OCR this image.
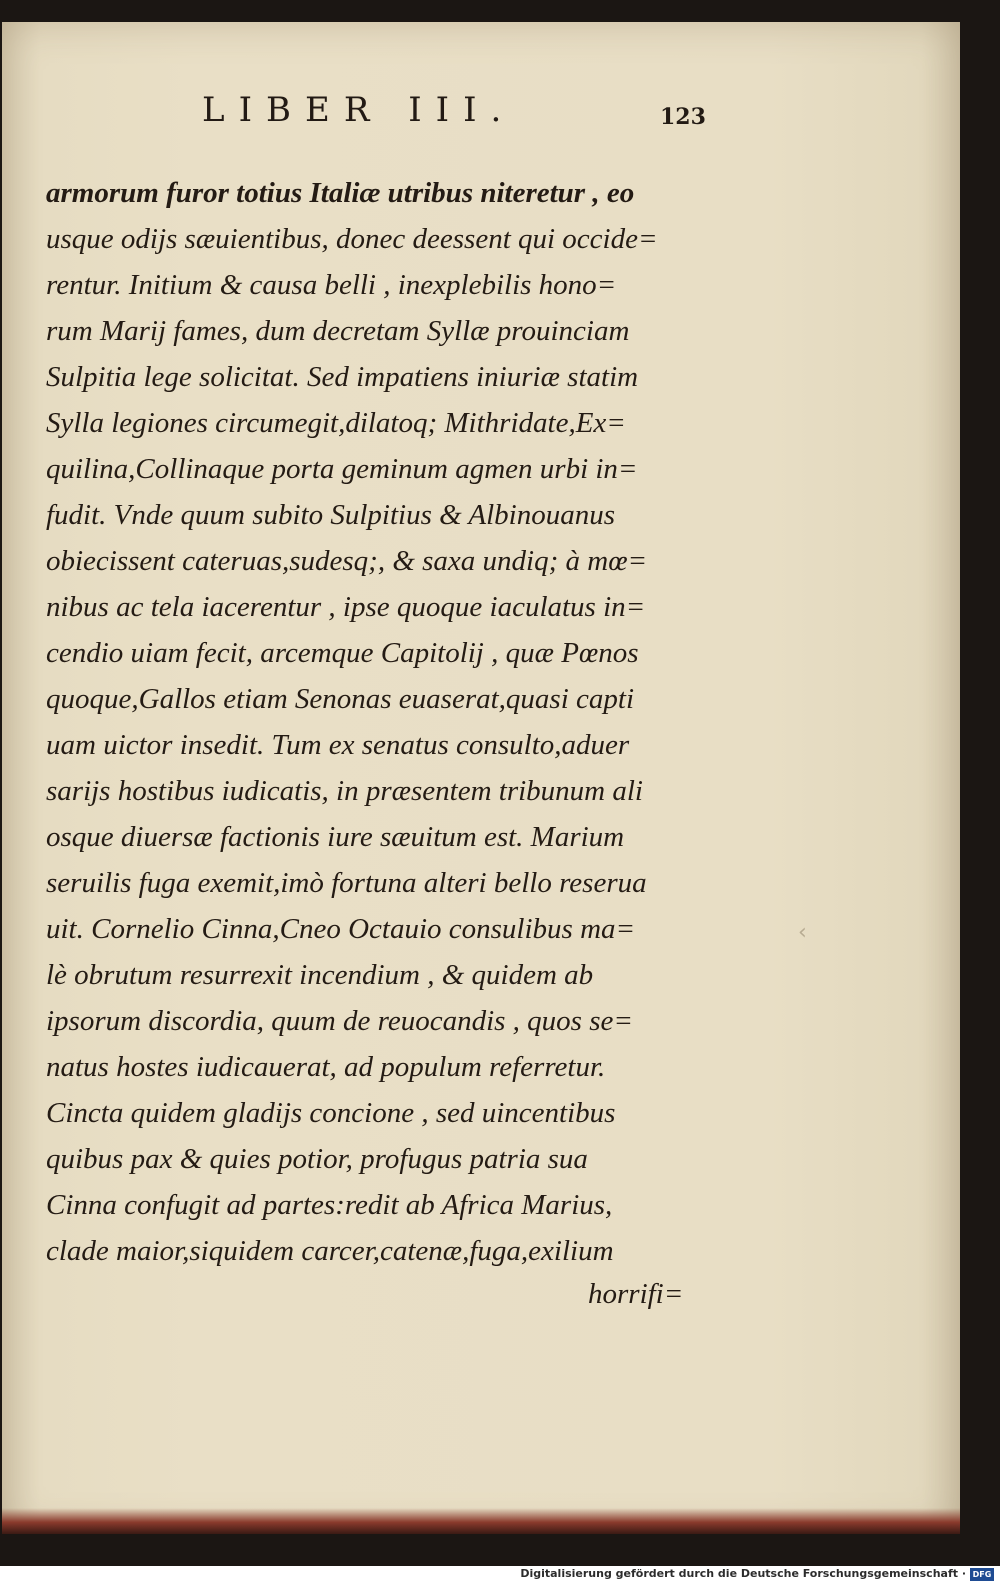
LIBER III.	123
armorum furor totius Italiæ utribus niteretur , eo
usque odijs sæuientibus, donec deessent qui occide=
rentur. Initium & causa belli , inexplebilis hono=
rum Marij fames, dum decretam Syllæ prouinciam
Sulpitia lege solicitat. Sed impatiens iniuriæ statim
Sylla legiones circumegit,dilatoq; Mithridate,Ex=
quilina,Collinaque porta geminum agmen urbi in=
fudit. Vnde quum subito Sulpitius & Albinouanus
obiecissent cateruas,sudesq;, & saxa undiq; à mœ=
nibus ac tela iacerentur , ipse quoque iaculatus in=
cendio uiam fecit, arcemque Capitolij , quæ Pœnos
quoque,Gallos etiam Senonas euaserat,quasi capti
uam uictor insedit. Tum ex senatus consulto,aduer
sarijs hostibus iudicatis, in præsentem tribunum ali
osque diuersæ factionis iure sæuitum est. Marium
seruilis fuga exemit,imò fortuna alteri bello reserua
uit. Cornelio Cinna,Cneo Octauio consulibus ma=
lè obrutum resurrexit incendium , & quidem ab
ipsorum discordia, quum de reuocandis , quos se=
natus hostes iudicauerat, ad populum referretur.
Cincta quidem gladijs concione , sed uincentibus
quibus pax & quies potior, profugus patria sua
Cinna confugit ad partes:redit ab Africa Marius,
clade maior,siquidem carcer,catenæ,fuga,exilium
horrifi=
‹
Digitalisierung gefördert durch die Deutsche Forschungsgemeinschaft · DFG
